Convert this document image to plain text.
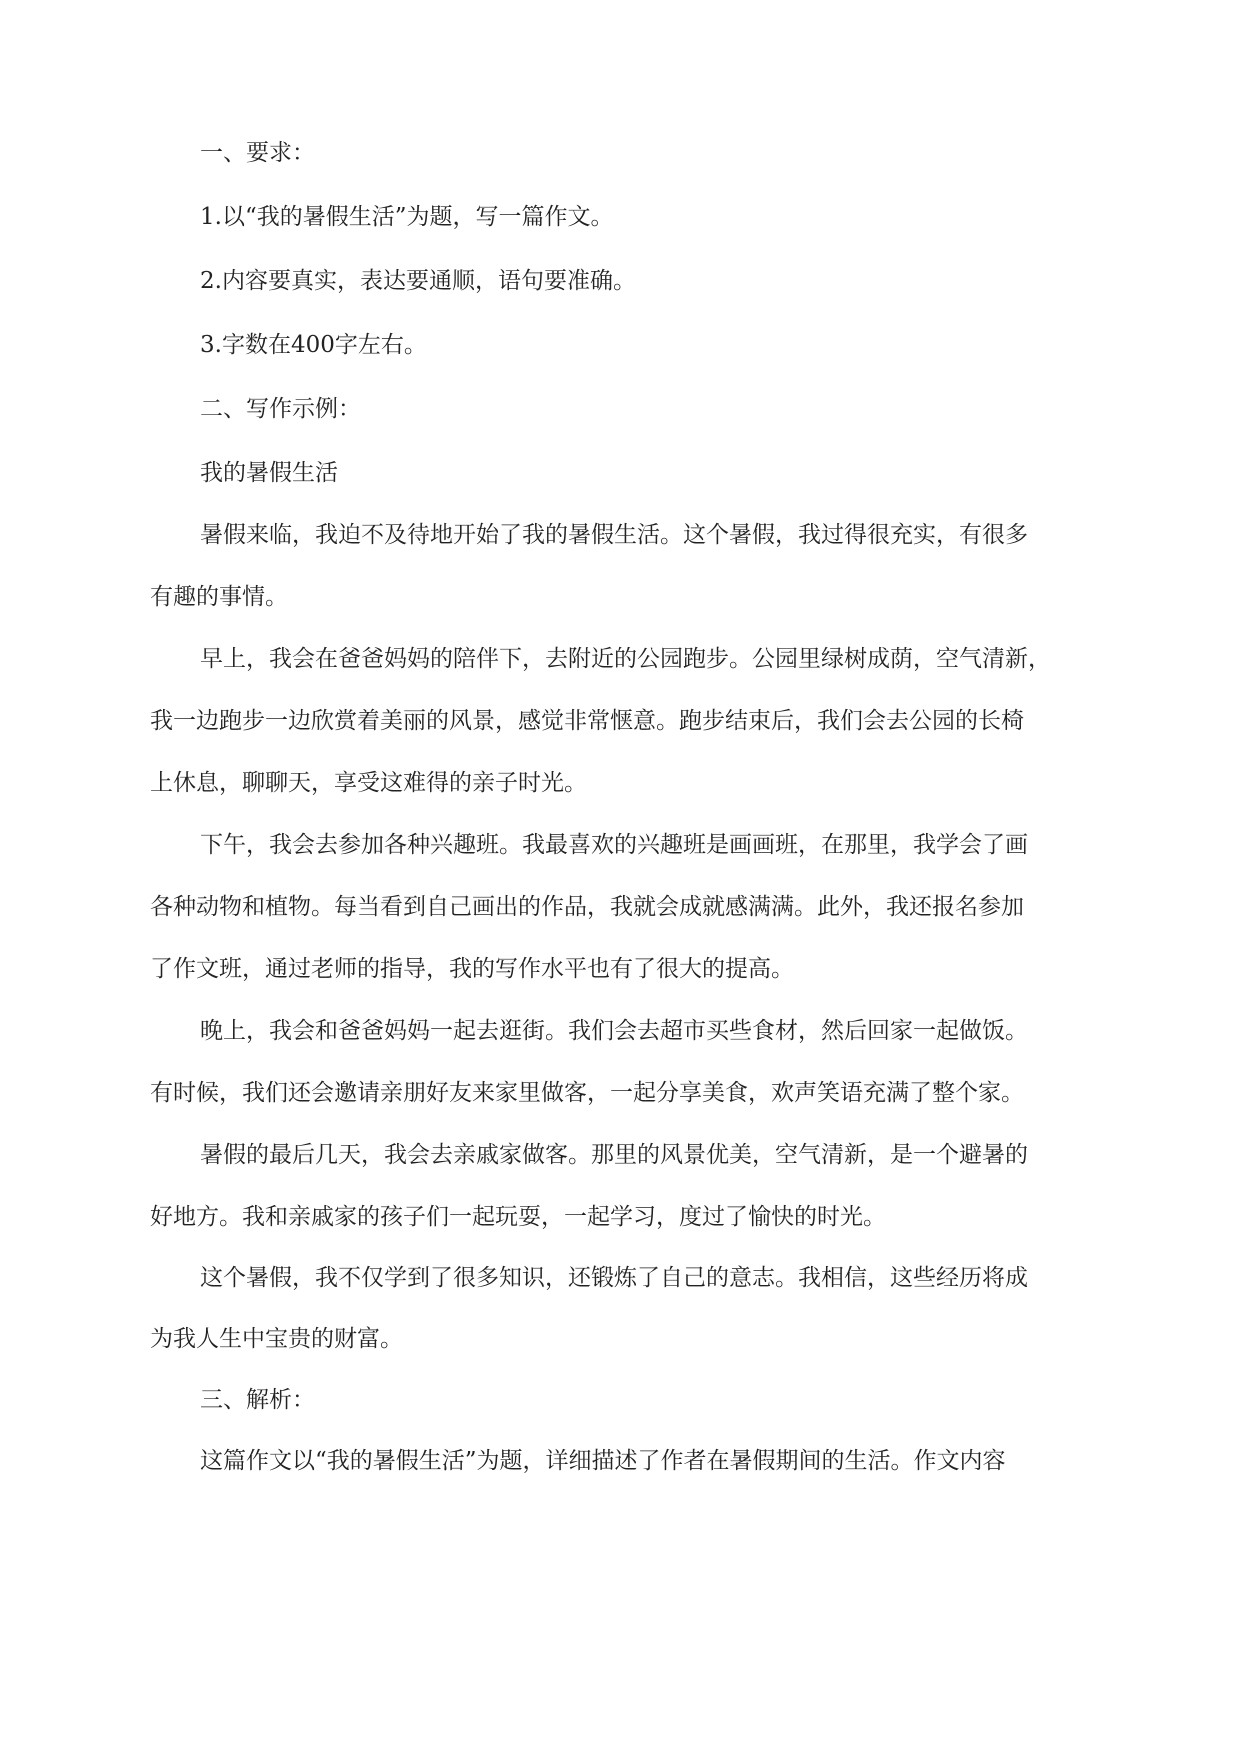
一、要求：
1.以“我的暑假生活”为题，写一篇作文。
2.内容要真实，表达要通顺，语句要准确。
3.字数在400字左右。
二、写作示例：
我的暑假生活
暑假来临，我迫不及待地开始了我的暑假生活。这个暑假，我过得很充实，有很多
有趣的事情。
早上，我会在爸爸妈妈的陪伴下，去附近的公园跑步。公园里绿树成荫，空气清新，
我一边跑步一边欣赏着美丽的风景，感觉非常惬意。跑步结束后，我们会去公园的长椅
上休息，聊聊天，享受这难得的亲子时光。
下午，我会去参加各种兴趣班。我最喜欢的兴趣班是画画班，在那里，我学会了画
各种动物和植物。每当看到自己画出的作品，我就会成就感满满。此外，我还报名参加
了作文班，通过老师的指导，我的写作水平也有了很大的提高。
晚上，我会和爸爸妈妈一起去逛街。我们会去超市买些食材，然后回家一起做饭。
有时候，我们还会邀请亲朋好友来家里做客，一起分享美食，欢声笑语充满了整个家。
暑假的最后几天，我会去亲戚家做客。那里的风景优美，空气清新，是一个避暑的
好地方。我和亲戚家的孩子们一起玩耍，一起学习，度过了愉快的时光。
这个暑假，我不仅学到了很多知识，还锻炼了自己的意志。我相信，这些经历将成
为我人生中宝贵的财富。
三、解析：
这篇作文以“我的暑假生活”为题，详细描述了作者在暑假期间的生活。作文内容
